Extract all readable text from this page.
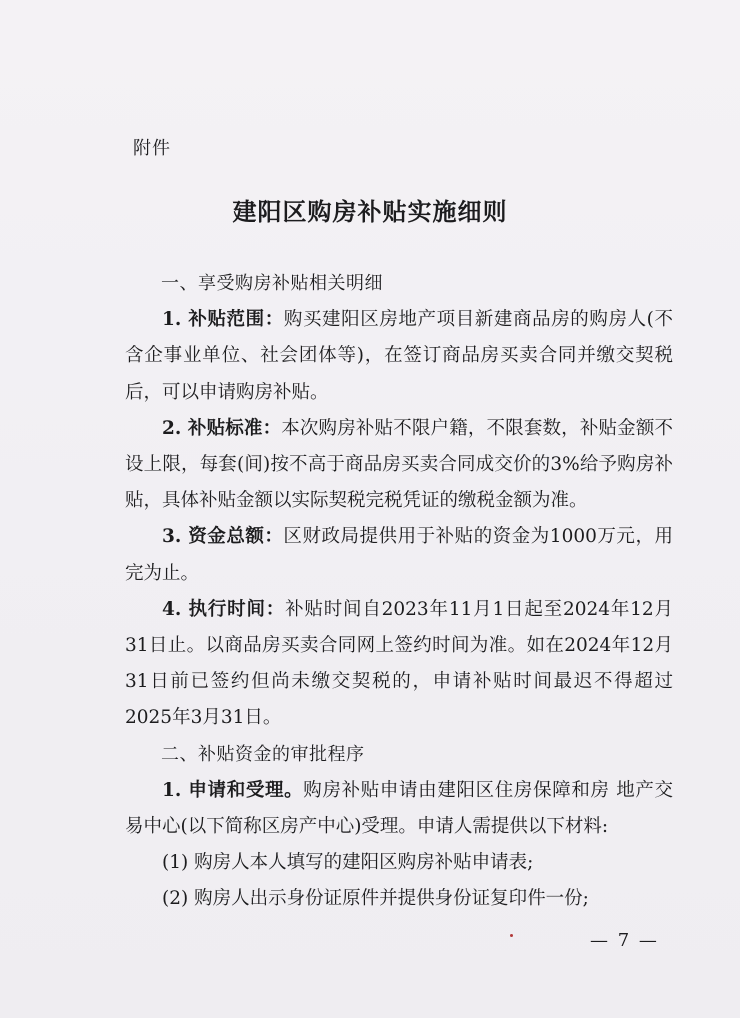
附件
建阳区购房补贴实施细则

一、享受购房补贴相关明细

1. 补贴范围：购买建阳区房地产项目新建商品房的购房人(不含企事业单位、社会团体等)，在签订商品房买卖合同并缴交契税后，可以申请购房补贴。

2. 补贴标准：本次购房补贴不限户籍，不限套数，补贴金额不设上限，每套(间)按不高于商品房买卖合同成交价的3%给予购房补贴，具体补贴金额以实际契税完税凭证的缴税金额为准。

3. 资金总额：区财政局提供用于补贴的资金为1000万元，用完为止。

4. 执行时间：补贴时间自2023年11月1日起至2024年12月31日止。以商品房买卖合同网上签约时间为准。如在2024年12月31日前已签约但尚未缴交契税的，申请补贴时间最迟不得超过2025年3月31日。

二、补贴资金的审批程序

1. 申请和受理。购房补贴申请由建阳区住房保障和房 地产交易中心(以下简称区房产中心)受理。申请人需提供以下材料:

(1) 购房人本人填写的建阳区购房补贴申请表;

(2) 购房人出示身份证原件并提供身份证复印件一份;

— 7 —
